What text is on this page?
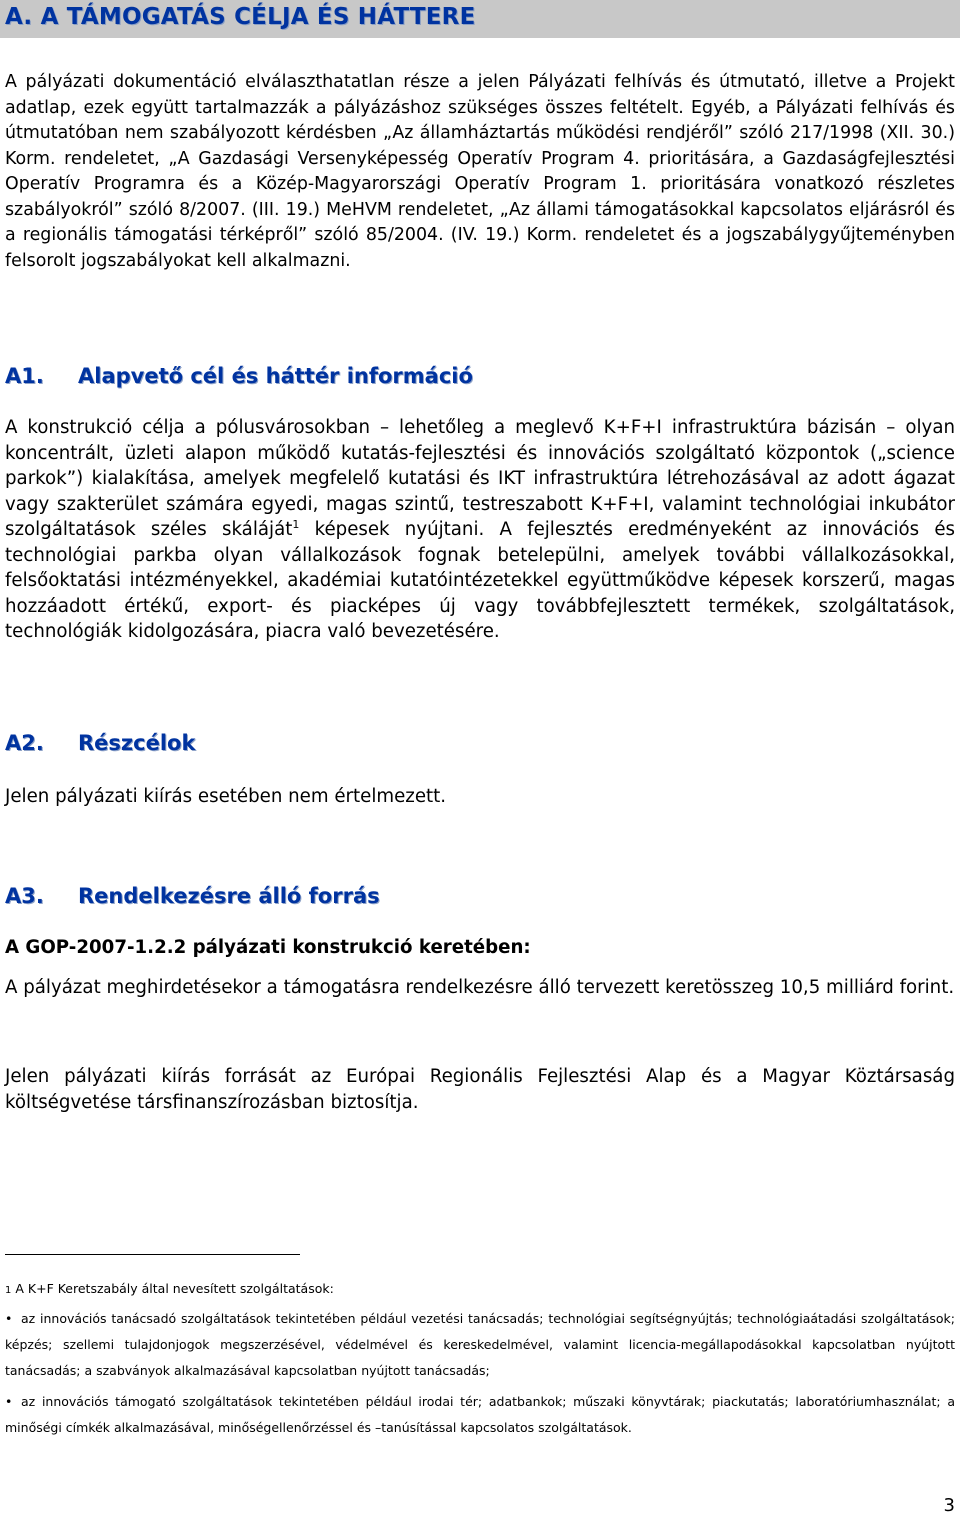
A. A TÁMOGATÁS CÉLJA ÉS HÁTTERE
A pályázati dokumentáció elválaszthatatlan része a jelen Pályázati felhívás és útmutató, illetve a Projekt adatlap, ezek együtt tartalmazzák a pályázáshoz szükséges összes feltételt. Egyéb, a Pályázati felhívás és útmutatóban nem szabályozott kérdésben „Az államháztartás működési rendjéről” szóló 217/1998 (XII. 30.) Korm. rendeletet, „A Gazdasági Versenyképesség Operatív Program 4. prioritására, a Gazdaságfejlesztési Operatív Programra és a Közép-Magyarországi Operatív Program 1. prioritására vonatkozó részletes szabályokról” szóló 8/2007. (III. 19.) MeHVM rendeletet, „Az állami támogatásokkal kapcsolatos eljárásról és a regionális támogatási térképről” szóló 85/2004. (IV. 19.) Korm. rendeletet és a jogszabálygyűjteményben felsorolt jogszabályokat kell alkalmazni.
A1. Alapvető cél és háttér információ
A konstrukció célja a pólusvárosokban – lehetőleg a meglevő K+F+I infrastruktúra bázisán – olyan koncentrált, üzleti alapon működő kutatás-fejlesztési és innovációs szolgáltató központok („science parkok”) kialakítása, amelyek megfelelő kutatási és IKT infrastruktúra létrehozásával az adott ágazat vagy szakterület számára egyedi, magas szintű, testreszabott K+F+I, valamint technológiai inkubátor szolgáltatások széles skáláját$^1$ képesek nyújtani. A fejlesztés eredményeként az innovációs és technológiai parkba olyan vállalkozások fognak betelepülni, amelyek további vállalkozásokkal, felsőoktatási intézményekkel, akadémiai kutatóintézetekkel együttműködve képesek korszerű, magas hozzáadott értékű, export- és piacképes új vagy továbbfejlesztett termékek, szolgáltatások, technológiák kidolgozására, piacra való bevezetésére.
A2. Részcélok
Jelen pályázati kiírás esetében nem értelmezett.
A3. Rendelkezésre álló forrás
A GOP-2007-1.2.2 pályázati konstrukció keretében:
A pályázat meghirdetésekor a támogatásra rendelkezésre álló tervezett keretösszeg 10,5 milliárd forint.
Jelen pályázati kiírás forrását az Európai Regionális Fejlesztési Alap és a Magyar Köztársaság költségvetése társfinanszírozásban biztosítja.
1 A K+F Keretszabály által nevesített szolgáltatások:
• az innovációs tanácsadó szolgáltatások tekintetében például vezetési tanácsadás; technológiai segítségnyújtás; technológiaátadási szolgáltatások; képzés; szellemi tulajdonjogok megszerzésével, védelmével és kereskedelmével, valamint licencia-megállapodásokkal kapcsolatban nyújtott tanácsadás; a szabványok alkalmazásával kapcsolatban nyújtott tanácsadás;
• az innovációs támogató szolgáltatások tekintetében például irodai tér; adatbankok; műszaki könyvtárak; piackutatás; laboratóriumhasználat; a minőségi címkék alkalmazásával, minőségellenőrzéssel és –tanúsítással kapcsolatos szolgáltatások.
3
